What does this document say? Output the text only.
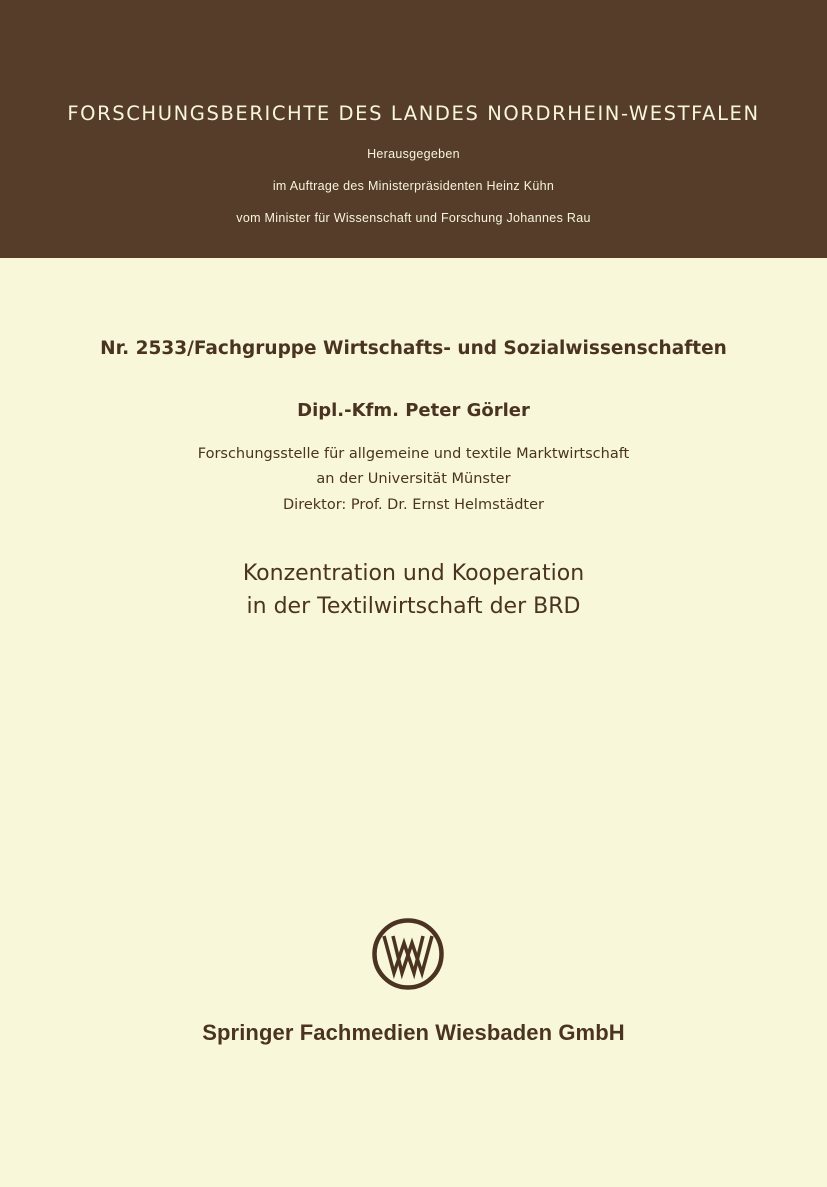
FORSCHUNGSBERICHTE DES LANDES NORDRHEIN-WESTFALEN

Herausgegeben

im Auftrage des Ministerpräsidenten Heinz Kühn

vom Minister für Wissenschaft und Forschung Johannes Rau

Nr. 2533/Fachgruppe Wirtschafts- und Sozialwissenschaften

Dipl.-Kfm. Peter Görler

Forschungsstelle für allgemeine und textile Marktwirtschaft

an der Universität Münster

Direktor: Prof. Dr. Ernst Helmstädter

Konzentration und Kooperation

in der Textilwirtschaft der BRD

Springer Fachmedien Wiesbaden GmbH
